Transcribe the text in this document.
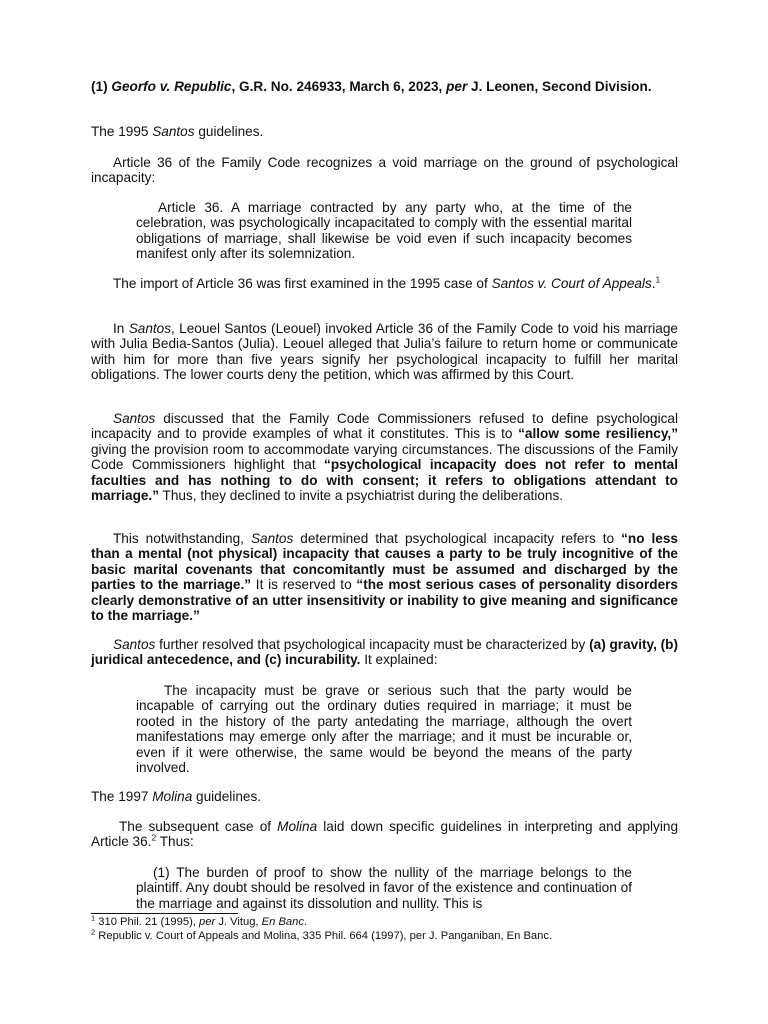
(1) Georfo v. Republic, G.R. No. 246933, March 6, 2023, per J. Leonen, Second Division.

The 1995 Santos guidelines.

Article 36 of the Family Code recognizes a void marriage on the ground of psychological incapacity:

Article 36. A marriage contracted by any party who, at the time of the celebration, was psychologically incapacitated to comply with the essential marital obligations of marriage, shall likewise be void even if such incapacity becomes manifest only after its solemnization.

The import of Article 36 was first examined in the 1995 case of Santos v. Court of Appeals.$^1$

In Santos, Leouel Santos (Leouel) invoked Article 36 of the Family Code to void his marriage with Julia Bedia-Santos (Julia). Leouel alleged that Julia’s failure to return home or communicate with him for more than five years signify her psychological incapacity to fulfill her marital obligations. The lower courts deny the petition, which was affirmed by this Court.

Santos discussed that the Family Code Commissioners refused to define psychological incapacity and to provide examples of what it constitutes. This is to “allow some resiliency,” giving the provision room to accommodate varying circumstances. The discussions of the Family Code Commissioners highlight that “psychological incapacity does not refer to mental faculties and has nothing to do with consent; it refers to obligations attendant to marriage.” Thus, they declined to invite a psychiatrist during the deliberations.

This notwithstanding, Santos determined that psychological incapacity refers to “no less than a mental (not physical) incapacity that causes a party to be truly incognitive of the basic marital covenants that concomitantly must be assumed and discharged by the parties to the marriage.” It is reserved to “the most serious cases of personality disorders clearly demonstrative of an utter insensitivity or inability to give meaning and significance to the marriage.”

Santos further resolved that psychological incapacity must be characterized by (a) gravity, (b) juridical antecedence, and (c) incurability. It explained:

The incapacity must be grave or serious such that the party would be incapable of carrying out the ordinary duties required in marriage; it must be rooted in the history of the party antedating the marriage, although the overt manifestations may emerge only after the marriage; and it must be incurable or, even if it were otherwise, the same would be beyond the means of the party involved.

The 1997 Molina guidelines.

The subsequent case of Molina laid down specific guidelines in interpreting and applying Article 36.$^2$ Thus:

(1) The burden of proof to show the nullity of the marriage belongs to the plaintiff. Any doubt should be resolved in favor of the existence and continuation of the marriage and against its dissolution and nullity. This is

$^1$ 310 Phil. 21 (1995), per J. Vitug, En Banc.
$^2$ Republic v. Court of Appeals and Molina, 335 Phil. 664 (1997), per J. Panganiban, En Banc.
